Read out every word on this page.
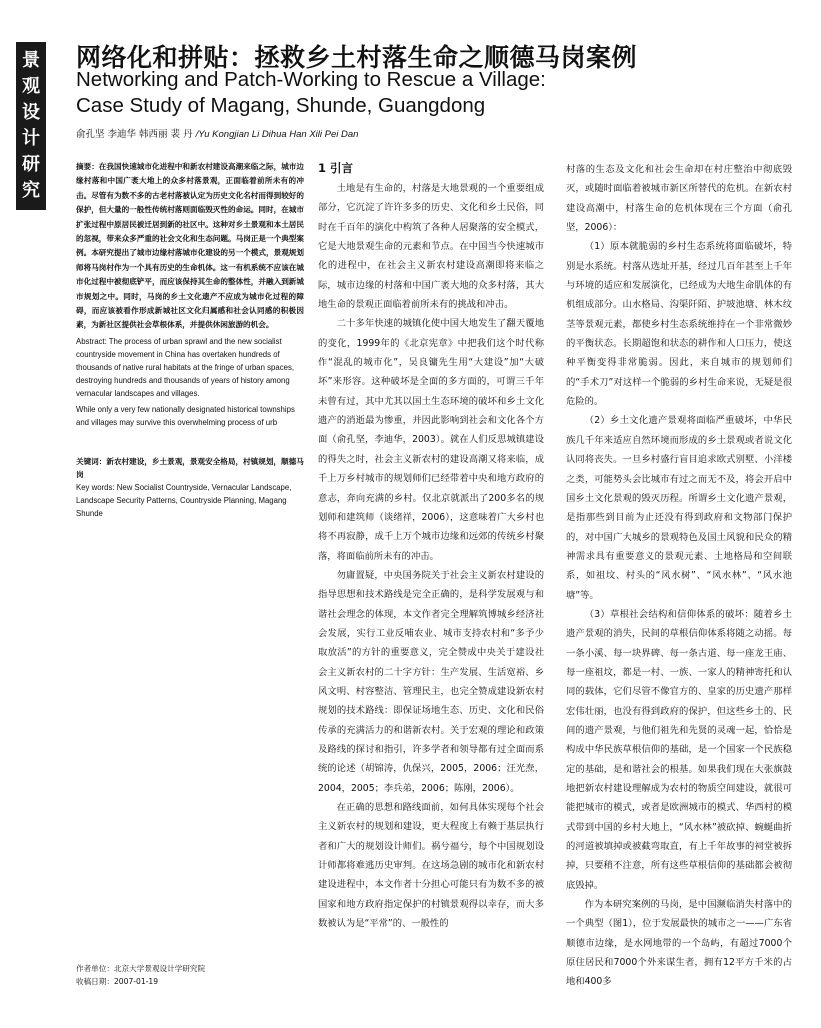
景
观
设
计
研
究
网络化和拼贴：拯救乡土村落生命之顺德马岗案例
Networking and Patch-Working to Rescue a Village:
Case Study of Magang, Shunde, Guangdong
俞孔坚 李迪华 韩西丽 裴 丹 /Yu Kongjian Li Dihua Han Xili Pei Dan

摘要：在我国快速城市化进程中和新农村建设高潮来临之际，城市边缘村落和中国广袤大地上的众多村落景观，正面临着前所未有的冲击。尽管有为数不多的古老村落被认定为历史文化名村而得到较好的保护，但大量的一般性传统村落则面临毁灭性的命运。同时，在城市扩张过程中原居民被迁居到新的社区中。这种对乡土景观和本土居民的忽视，带来众多严重的社会文化和生态问题。马岗正是一个典型案例。本研究提出了城市边缘村落城市化建设的另一个模式，景观规划师将马岗村作为一个具有历史的生命机体。这一有机系统不应该在城市化过程中被彻底铲平，而应该保持其生命的整体性，并融入到新城市规划之中。同时，马岗的乡土文化遗产不应成为城市化过程的障碍，而应该被看作形成新城社区文化归属感和社会认同感的积极因素，为新社区提供社会草根体系，并提供休闲旅游的机会。

Abstract: The process of urban sprawl and the new socialist countryside movement in China has overtaken hundreds of thousands of native rural habitats at the fringe of urban spaces, destroying hundreds and thousands of years of history among vernacular landscapes and villages.

While only a very few nationally designated historical townships and villages may survive this overwhelming process of urb

关键词：新农村建设，乡土景观，景观安全格局，村镇规划，顺德马岗

Key words: New Socialist Countryside, Vernacular Landscape, Landscape Security Patterns, Countryside Planning, Magang Shunde

作者单位：北京大学景观设计学研究院
收稿日期：2007-01-19
1 引言

土地是有生命的，村落是大地景观的一个重要组成部分，它沉淀了许许多多的历史、文化和乡土民俗，同时在千百年的演化中构筑了各种人居聚落的安全模式，它是大地景观生命的元素和节点。在中国当今快速城市化的进程中，在社会主义新农村建设高潮即将来临之际，城市边缘的村落和中国广袤大地的众多村落，其大地生命的景观正面临着前所未有的挑战和冲击。

二十多年快速的城镇化使中国大地发生了翻天覆地的变化，1999年的《北京宪章》中把我们这个时代称作“混乱的城市化”，吴良镛先生用“大建设”加“大破坏”来形容。这种破坏是全面的多方面的，可谓三千年未曾有过，其中尤其以国土生态环境的破坏和乡土文化遗产的消逝最为惨重，并因此影响到社会和文化各个方面（俞孔坚，李迪华，2003）。就在人们反思城镇建设的得失之时，社会主义新农村的建设高潮又将来临，成千上万乡村城市的规划师们已经带着中央和地方政府的意志，奔向充满的乡村。仅北京就派出了200多名的规划师和建筑师（谈绪祥，2006），这意味着广大乡村也将不再寂静，成千上万个城市边缘和远郊的传统乡村聚落，将面临前所未有的冲击。

勿庸置疑，中央国务院关于社会主义新农村建设的指导思想和技术路线是完全正确的，是科学发展观与和谐社会理念的体现，本文作者完全理解筑博城乡经济社会发展，实行工业反哺农业、城市支持农村和“多予少取放活”的方针的重要意义，完全赞成中央关于建设社会主义新农村的二十字方针：生产发展、生活宽裕、乡风文明、村容整洁、管理民主，也完全赞成建设新农村规划的技术路线：即保证场地生态、历史、文化和民俗传承的充满活力的和谐新农村。关于宏观的理论和政策及路线的探讨和指引，许多学者和领导都有过全面而系统的论述（胡锦涛，仇保兴，2005，2006；汪光焘，2004，2005；李兵弟，2006；陈刚，2006）。

在正确的思想和路线面前，如何具体实现每个社会主义新农村的规划和建设，更大程度上有赖于基层执行者和广大的规划设计师们。祸兮福兮，每个中国规划设计师都将难逃历史审判。在这场急剧的城市化和新农村建设进程中，本文作者十分担心可能只有为数不多的被国家和地方政府指定保护的村镇景观得以幸存，而大多数被认为是“平常”的、一般性的

村落的生态及文化和社会生命却在村庄整治中彻底毁灭，或随时面临着被城市新区所替代的危机。在新农村建设高潮中，村落生命的危机体现在三个方面（俞孔坚，2006）：

（1）原本就脆弱的乡村生态系统将面临破坏，特别是水系统。村落从选址开基，经过几百年甚至上千年与环境的适应和发展演化，已经成为大地生命肌体的有机组成部分。山水格局、沟渠阡陌、护坡池塘、林木纹茎等景观元素，都使乡村生态系统维持在一个非常微妙的平衡状态。长期超饱和状态的耕作和人口压力，使这种平衡变得非常脆弱。因此，来自城市的规划师们的“手术刀”对这样一个脆弱的乡村生命来说，无疑是很危险的。

（2）乡土文化遗产景观将面临严重破坏，中华民族几千年来适应自然环境而形成的乡土景观或者说文化认同将丧失。一旦乡村盛行盲目追求欧式别墅、小洋楼之类，可能势头会比城市有过之而无不及，将会开启中国乡土文化景观的毁灭历程。所谓乡土文化遗产景观，是指那些到目前为止还没有得到政府和文物部门保护的，对中国广大城乡的景观特色及国土风貌和民众的精神需求具有重要意义的景观元素、土地格局和空间联系，如祖坟、村头的“风水树”、“风水林”、“风水池塘”等。

（3）草根社会结构和信仰体系的破坏：随着乡土遗产景观的消失，民间的草根信仰体系将随之动摇。每一条小溪、每一块界碑、每一条古道、每一座龙王庙、每一座祖坟，都是一村、一族、一家人的精神寄托和认同的载体，它们尽管不像官方的、皇家的历史遗产那样宏伟壮丽，也没有得到政府的保护，但这些乡土的、民间的遗产景观，与他们祖先和先贤的灵魂一起，恰恰是构成中华民族草根信仰的基础，是一个国家一个民族稳定的基础，是和谐社会的根基。如果我们现在大张旗鼓地把新农村建设理解成为农村的物质空间建设，就很可能把城市的模式，或者是欧洲城市的模式、华西村的模式带到中国的乡村大地上，“风水林”被砍掉、蜿蜒曲折的河道被填掉或被截弯取直，有上千年故事的祠堂被拆掉，只要稍不注意，所有这些草根信仰的基础都会被彻底毁掉。

作为本研究案例的马岗，是中国濒临消失村落中的一个典型（图1），位于发展最快的城市之一——广东省顺德市边缘，是水网地带的一个岛屿，有超过7000个原住居民和7000个外来谋生者，拥有12平方千米的占地和400多
